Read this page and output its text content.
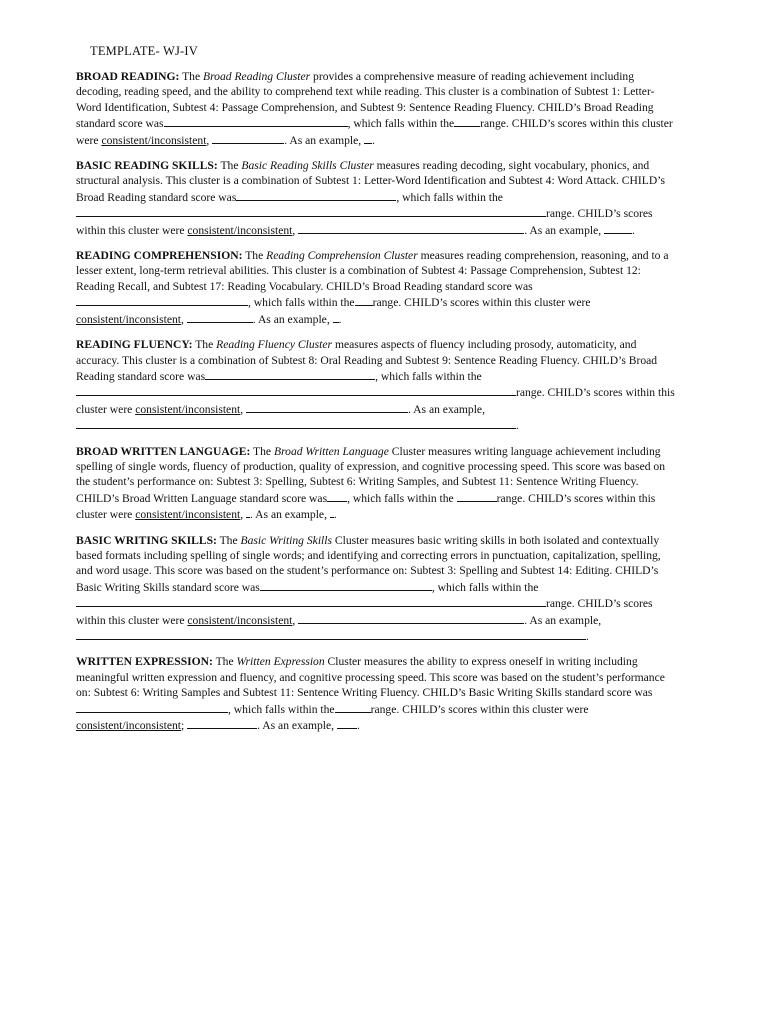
TEMPLATE- WJ-IV

BROAD READING: The Broad Reading Cluster provides a comprehensive measure of reading achievement including decoding, reading speed, and the ability to comprehend text while reading. This cluster is a combination of Subtest 1: Letter-Word Identification, Subtest 4: Passage Comprehension, and Subtest 9: Sentence Reading Fluency. CHILD’s Broad Reading standard score was	, which falls within the range. CHILD’s scores within this cluster were consistent/inconsistent,	. As an example, .

BASIC READING SKILLS: The Basic Reading Skills Cluster measures reading decoding, sight vocabulary, phonics, and structural analysis. This cluster is a combination of Subtest 1: Letter-Word Identification and Subtest 4: Word Attack. CHILD’s Broad Reading standard score was	, which falls within the range. CHILD’s scores within this cluster were consistent/inconsistent,	. As an example, .

READING COMPREHENSION: The Reading Comprehension Cluster measures reading comprehension, reasoning, and to a lesser extent, long-term retrieval abilities. This cluster is a combination of Subtest 4: Passage Comprehension, Subtest 12: Reading Recall, and Subtest 17: Reading Vocabulary. CHILD’s Broad Reading standard score was, which falls within the range. CHILD’s scores within this cluster were consistent/inconsistent,	. As an example, .

READING FLUENCY: The Reading Fluency Cluster measures aspects of fluency including prosody, automaticity, and accuracy. This cluster is a combination of Subtest 8: Oral Reading and Subtest 9: Sentence Reading Fluency. CHILD’s Broad Reading standard score was	, which falls within therange. CHILD’s scores within this cluster were consistent/inconsistent,	. As an example, .

BROAD WRITTEN LANGUAGE: The Broad Written Language Cluster measures writing language achievement including spelling of single words, fluency of production, quality of expression, and cognitive processing speed. This score was based on the student’s performance on: Subtest 3: Spelling, Subtest 6: Writing Samples, and Subtest 11: Sentence Writing Fluency. CHILD’s Broad Written Language standard score was , which falls within the	range. CHILD’s scores within this cluster were consistent/inconsistent, . As an example, .

BASIC WRITING SKILLS: The Basic Writing Skills Cluster measures basic writing skills in both isolated and contextually based formats including spelling of single words; and identifying and correcting errors in punctuation, capitalization, spelling, and word usage. This score was based on the student’s performance on: Subtest 3: Spelling and Subtest 14: Editing. CHILD’s Basic Writing Skills standard score was	, which falls within therange. CHILD’s scores within this cluster were consistent/inconsistent,	. As an example, .

WRITTEN EXPRESSION: The Written Expression Cluster measures the ability to express oneself in writing including meaningful written expression and fluency, and cognitive processing speed. This score was based on the student’s performance on: Subtest 6: Writing Samples and Subtest 11: Sentence Writing Fluency. CHILD’s Basic Writing Skills standard score was, which falls within the	range. CHILD’s scores within this cluster were consistent/inconsistent;	. As an example, .
